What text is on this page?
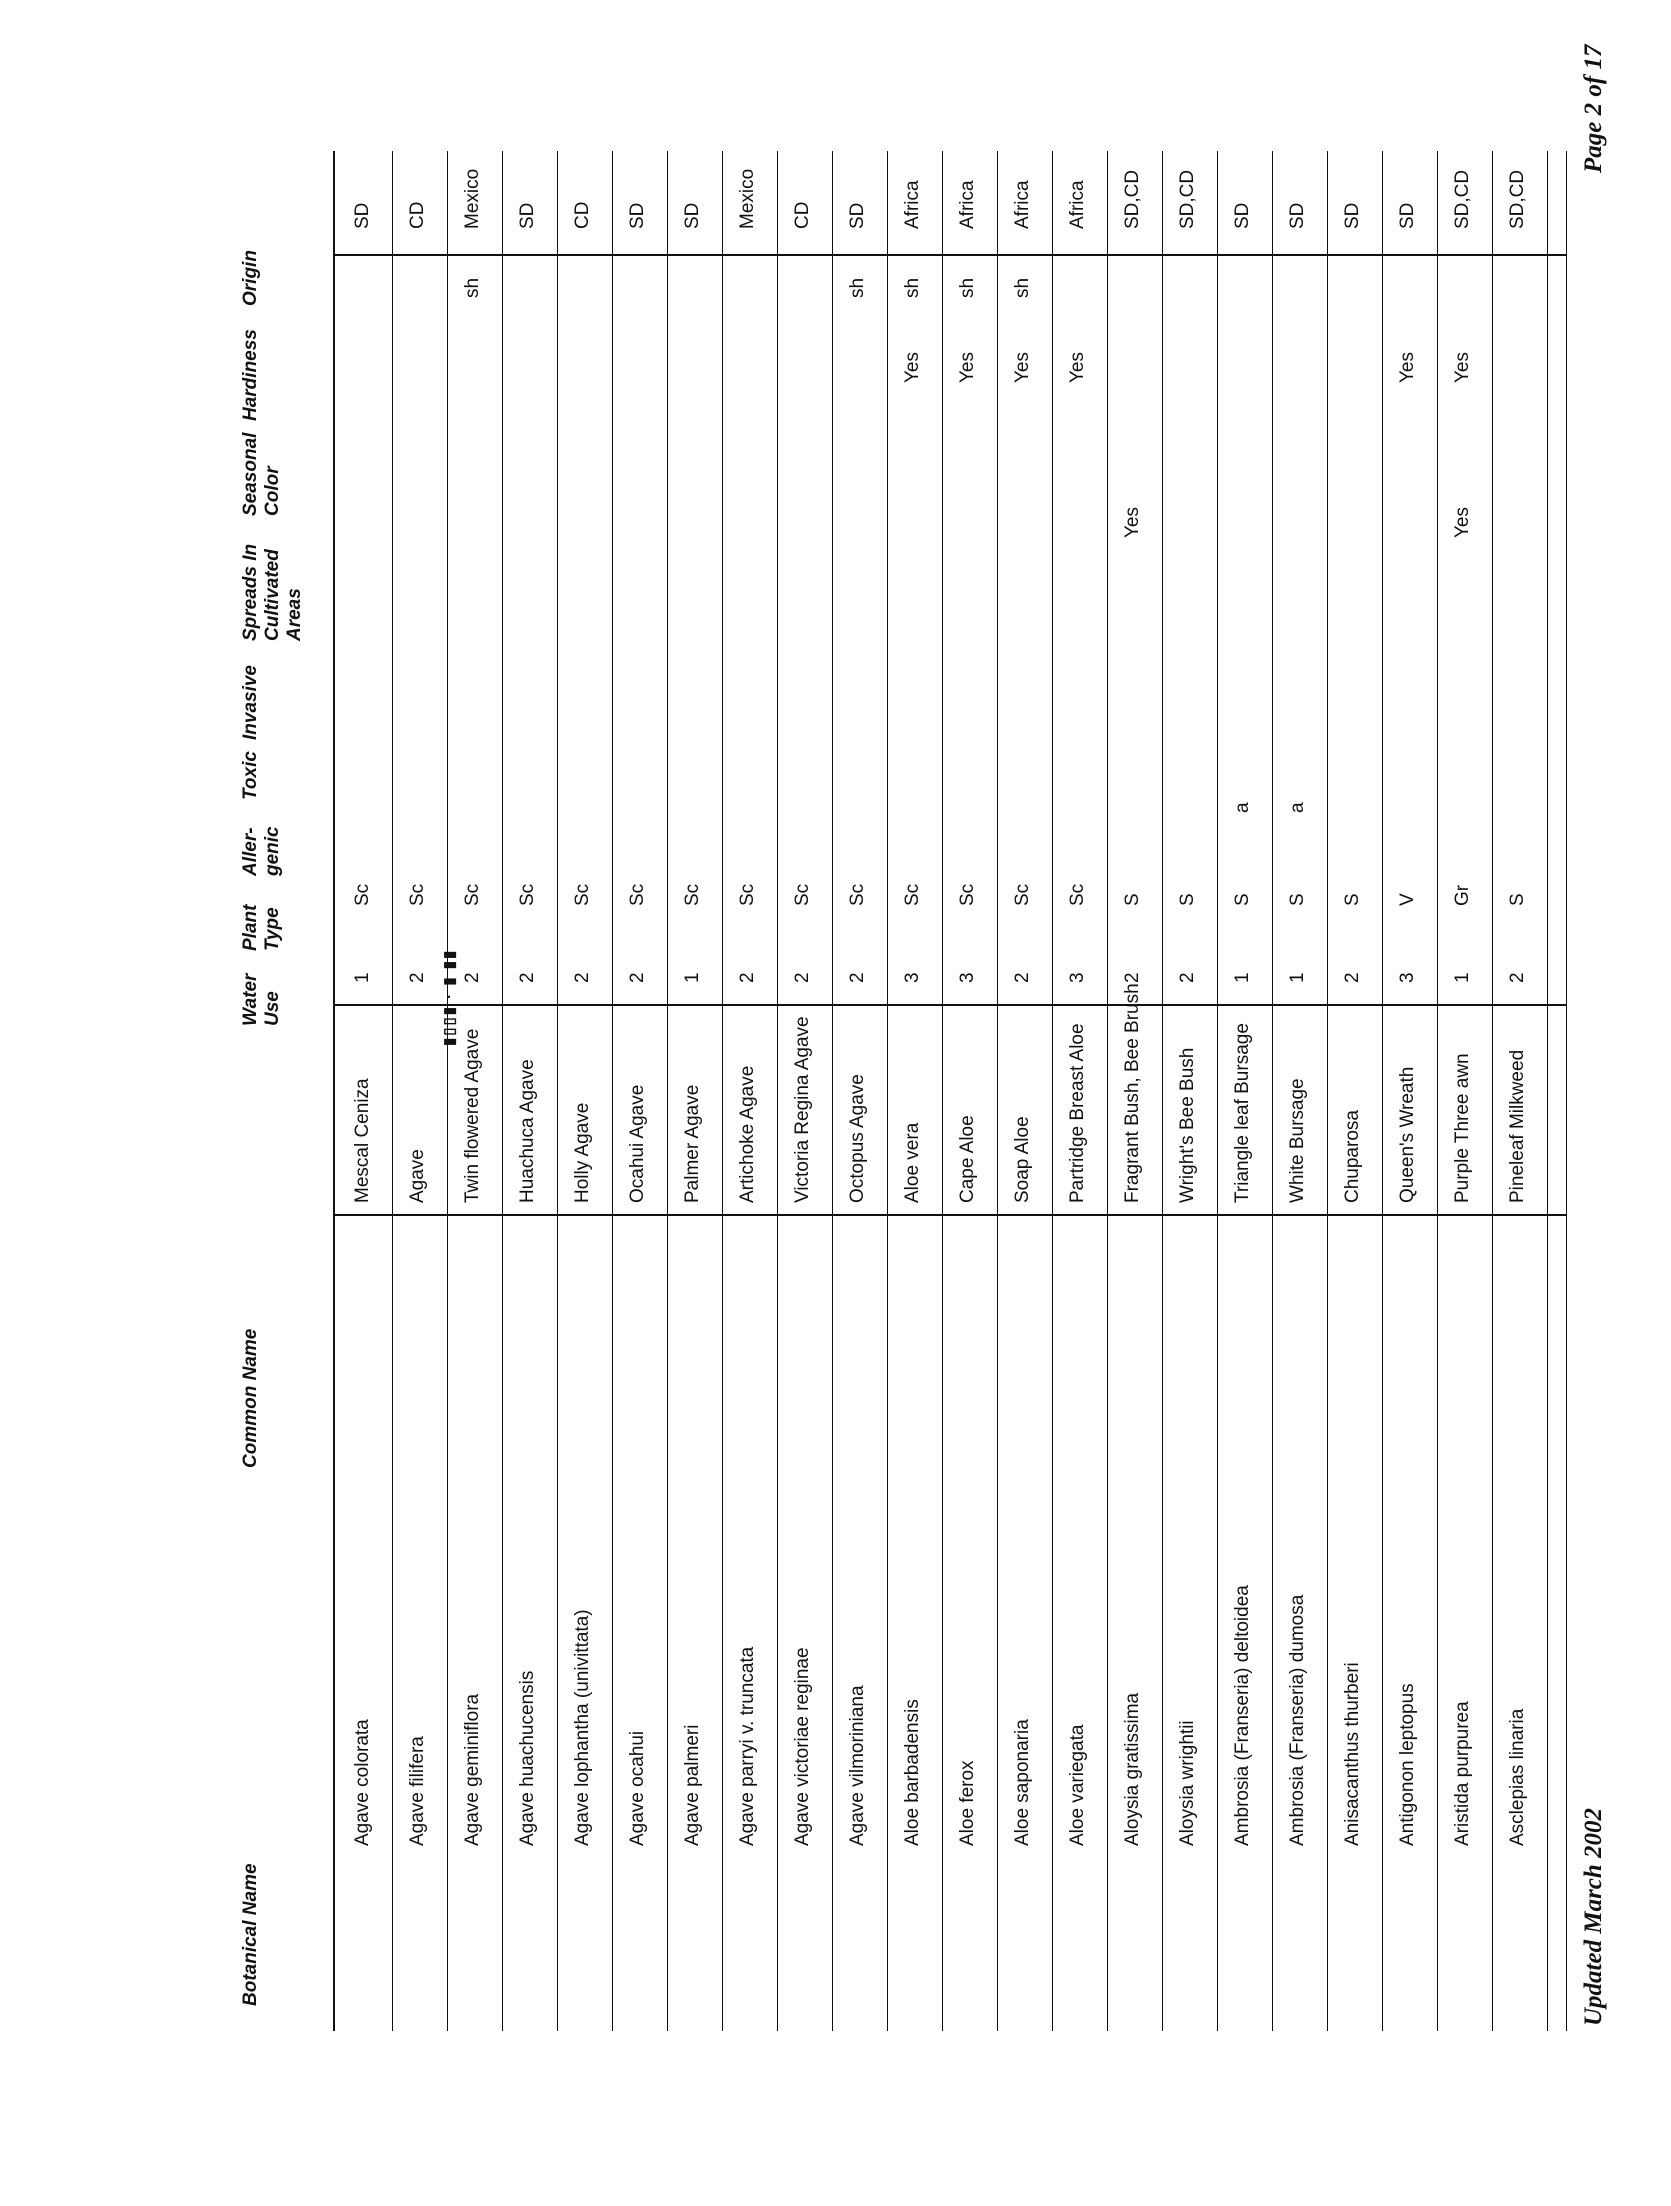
Botanical Name
Common Name
Water Use
Plant Type
Aller- genic
Toxic
Invasive
Spreads In Cultivated Areas
Seasonal Color
Hardiness
Origin
Agave colorata
Mescal Ceniza
1
Sc
SD
Agave filifera
Agave
2
Sc
CD
Agave geminiflora
Twin flowered Agave
2
Sc
sh
Mexico
Agave huachucensis
Huachuca Agave
2
Sc
SD
Agave lophantha (univittata)
Holly Agave
2
Sc
CD
Agave ocahui
Ocahui Agave
2
Sc
SD
Agave palmeri
Palmer Agave
1
Sc
SD
Agave parryi v. truncata
Artichoke Agave
2
Sc
Mexico
Agave victoriae reginae
Victoria Regina Agave
2
Sc
CD
Agave vilmoriniana
Octopus Agave
2
Sc
sh
SD
Aloe barbadensis
Aloe vera
3
Sc
Yes
sh
Africa
Aloe ferox
Cape Aloe
3
Sc
Yes
sh
Africa
Aloe saponaria
Soap Aloe
2
Sc
Yes
sh
Africa
Aloe variegata
Partridge Breast Aloe
3
Sc
Yes
Africa
Aloysia gratissima
Fragrant Bush, Bee Brush
2
S
Yes
SD,CD
Aloysia wrightii
Wright's Bee Bush
2
S
SD,CD
Ambrosia (Franseria) deltoidea
Triangle leaf Bursage
1
S
a
SD
Ambrosia (Franseria) dumosa
White Bursage
1
S
a
SD
Anisacanthus thurberi
Chuparosa
2
S
SD
Antigonon leptopus
Queen's Wreath
3
V
Yes
SD
Aristida purpurea
Purple Three awn
1
Gr
Yes
Yes
SD,CD
Asclepias linaria
Pineleaf Milkweed
2
S
SD,CD
▮▯▯▮ · ▮ ▮▮
Updated March 2002
Page 2 of 17
